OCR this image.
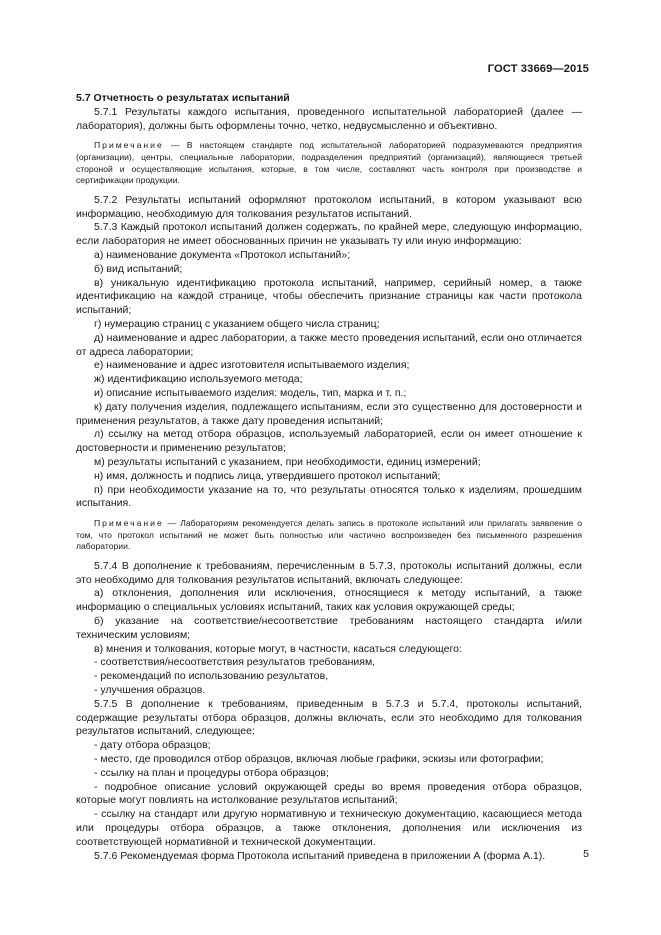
ГОСТ 33669—2015

5.7 Отчетность о результатах испытаний

5.7.1 Результаты каждого испытания, проведенного испытательной лабораторией (далее — лаборатория), должны быть оформлены точно, четко, недвусмысленно и объективно.

Примечание — В настоящем стандарте под испытательной лабораторией подразумеваются предприятия (организации), центры, специальные лаборатории, подразделения предприятий (организаций), являющиеся третьей стороной и осуществляющие испытания, которые, в том числе, составляют часть контроля при производстве и сертификации продукции.

5.7.2 Результаты испытаний оформляют протоколом испытаний, в котором указывают всю информацию, необходимую для толкования результатов испытаний.

5.7.3 Каждый протокол испытаний должен содержать, по крайней мере, следующую информацию, если лаборатория не имеет обоснованных причин не указывать ту или иную информацию:

а) наименование документа «Протокол испытаний»;

б) вид испытаний;

в) уникальную идентификацию протокола испытаний, например, серийный номер, а также идентификацию на каждой странице, чтобы обеспечить признание страницы как части протокола испытаний;

г) нумерацию страниц с указанием общего числа страниц;

д) наименование и адрес лаборатории, а также место проведения испытаний, если оно отличается от адреса лаборатории;

е) наименование и адрес изготовителя испытываемого изделия;

ж) идентификацию используемого метода;

и) описание испытываемого изделия: модель, тип, марка и т. п.;

к) дату получения изделия, подлежащего испытаниям, если это существенно для достоверности и применения результатов, а также дату проведения испытаний;

л) ссылку на метод отбора образцов, используемый лабораторией, если он имеет отношение к достоверности и применению результатов;

м) результаты испытаний с указанием, при необходимости, единиц измерений;

н) имя, должность и подпись лица, утвердившего протокол испытаний;

п) при необходимости указание на то, что результаты относятся только к изделиям, прошедшим испытания.

Примечание — Лабораториям рекомендуется делать запись в протоколе испытаний или прилагать заявление о том, что протокол испытаний не может быть полностью или частично воспроизведен без письменного разрешения лаборатории.

5.7.4 В дополнение к требованиям, перечисленным в 5.7.3, протоколы испытаний должны, если это необходимо для толкования результатов испытаний, включать следующее:

а) отклонения, дополнения или исключения, относящиеся к методу испытаний, а также информацию о специальных условиях испытаний, таких как условия окружающей среды;

б) указание на соответствие/несоответствие требованиям настоящего стандарта и/или техническим условиям;

в) мнения и толкования, которые могут, в частности, касаться следующего:

- соответствия/несоответствия результатов требованиям,

- рекомендаций по использованию результатов,

- улучшения образцов.

5.7.5 В дополнение к требованиям, приведенным в 5.7.3 и 5.7.4, протоколы испытаний, содержащие результаты отбора образцов, должны включать, если это необходимо для толкования результатов испытаний, следующее:

- дату отбора образцов;

- место, где проводился отбор образцов, включая любые графики, эскизы или фотографии;

- ссылку на план и процедуры отбора образцов;

- подробное описание условий окружающей среды во время проведения отбора образцов, которые могут повлиять на истолкование результатов испытаний;

- ссылку на стандарт или другую нормативную и техническую документацию, касающиеся метода или процедуры отбора образцов, а также отклонения, дополнения или исключения из соответствующей нормативной и технической документации.

5.7.6 Рекомендуемая форма Протокола испытаний приведена в приложении А (форма А.1).	5
